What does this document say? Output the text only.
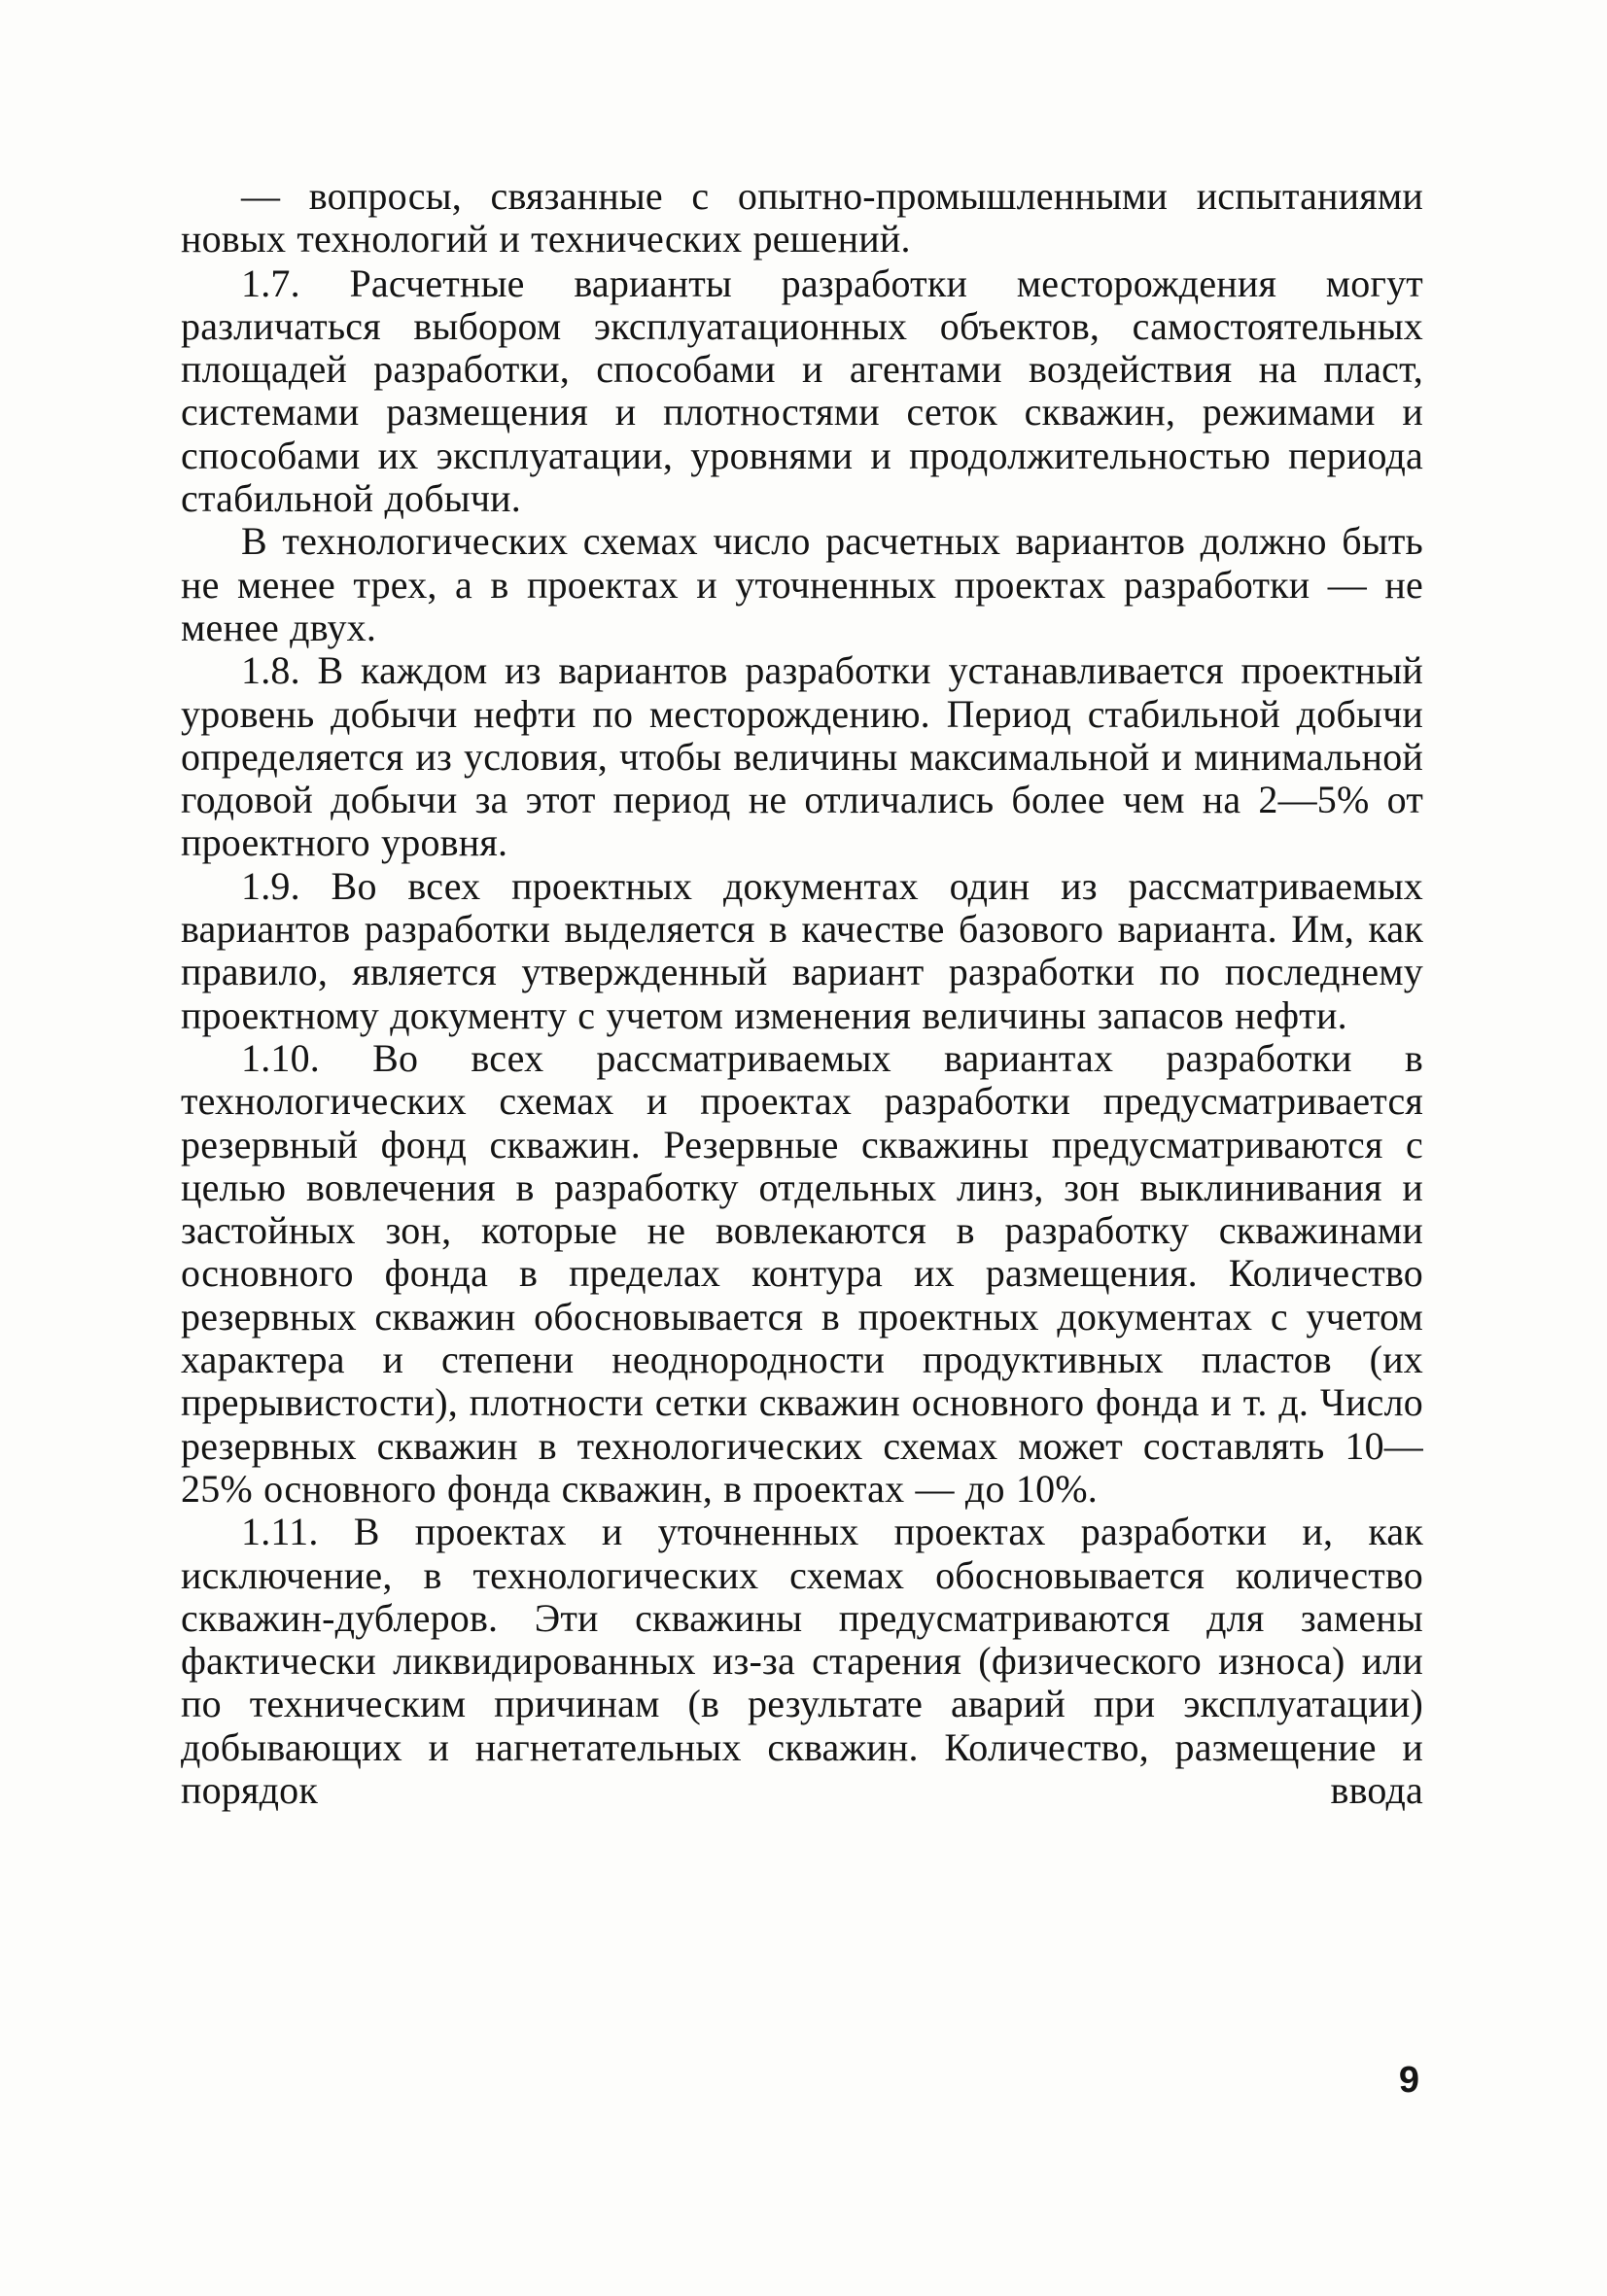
— вопросы, связанные с опытно-промышленными испытаниями новых технологий и технических решений.

1.7. Расчетные варианты разработки месторождения могут различаться выбором эксплуатационных объектов, самостоятельных площадей разработки, способами и агентами воздействия на пласт, системами размещения и плотностями сеток скважин, режимами и способами их эксплуатации, уровнями и продолжительностью периода стабильной добычи.

В технологических схемах число расчетных вариантов должно быть не менее трех, а в проектах и уточненных проектах разработки — не менее двух.

1.8. В каждом из вариантов разработки устанавливается проектный уровень добычи нефти по месторождению. Период стабильной добычи определяется из условия, чтобы величины максимальной и минимальной годовой добычи за этот период не отличались более чем на 2—5% от проектного уровня.

1.9. Во всех проектных документах один из рассматриваемых вариантов разработки выделяется в качестве базового варианта. Им, как правило, является утвержденный вариант разработки по последнему проектному документу с учетом изменения величины запасов нефти.

1.10. Во всех рассматриваемых вариантах разработки в технологических схемах и проектах разработки предусматривается резервный фонд скважин. Резервные скважины предусматриваются с целью вовлечения в разработку отдельных линз, зон выклинивания и застойных зон, которые не вовлекаются в разработку скважинами основного фонда в пределах контура их размещения. Количество резервных скважин обосновывается в проектных документах с учетом характера и степени неоднородности продуктивных пластов (их прерывистости), плотности сетки скважин основного фонда и т. д. Число резервных скважин в технологических схемах может составлять 10—25% основного фонда скважин, в проектах — до 10%.

1.11. В проектах и уточненных проектах разработки и, как исключение, в технологических схемах обосновывается количество скважин-дублеров. Эти скважины предусматриваются для замены фактически ликвидированных из-за старения (физического износа) или по техническим причинам (в результате аварий при эксплуатации) добывающих и нагнетательных скважин. Количество, размещение и порядок ввода

9
